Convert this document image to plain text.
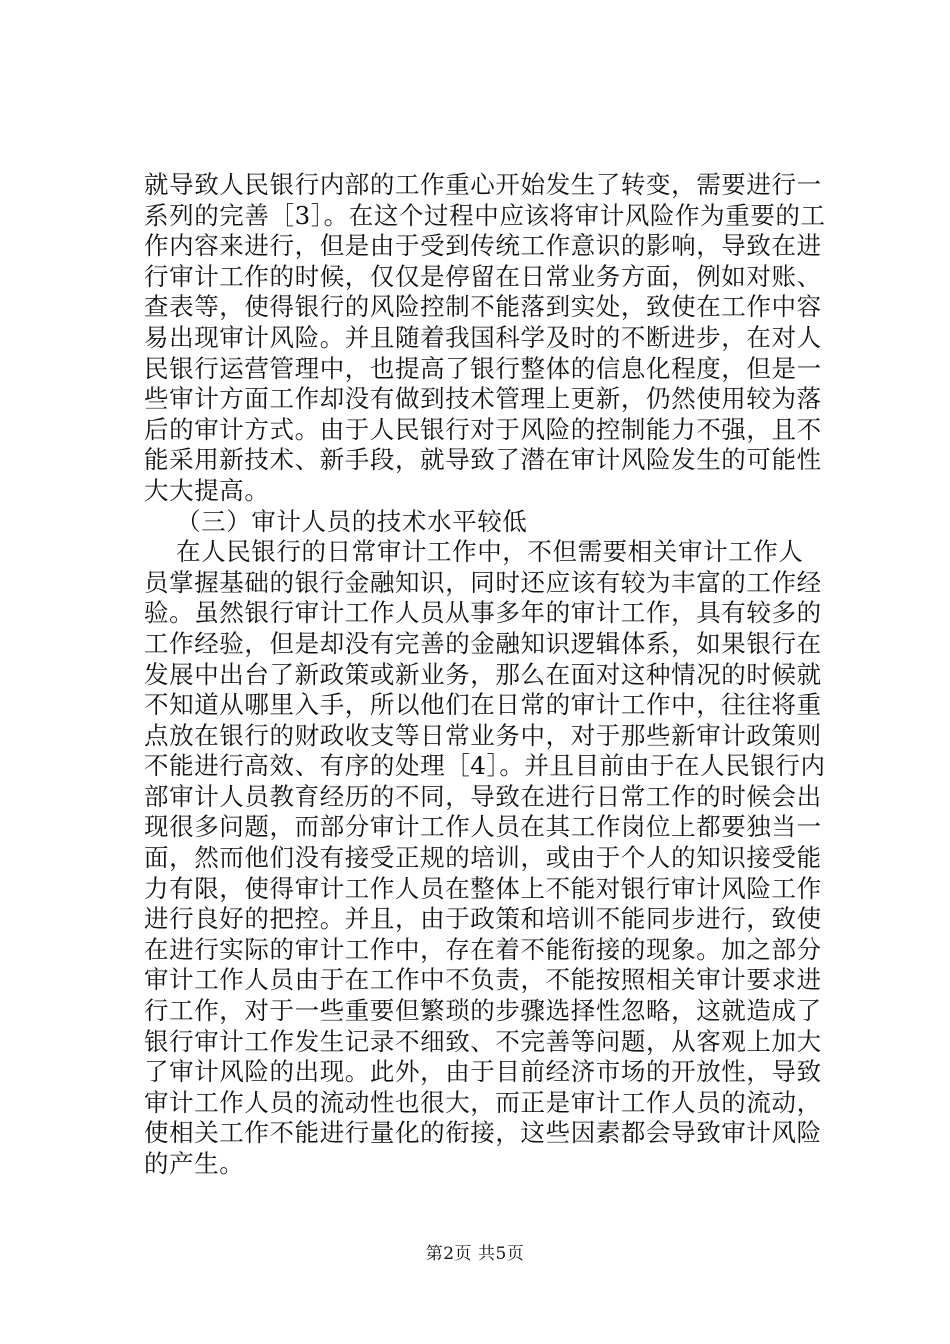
就导致人民银行内部的工作重心开始发生了转变，需要进行一
系列的完善［3］。在这个过程中应该将审计风险作为重要的工
作内容来进行，但是由于受到传统工作意识的影响，导致在进
行审计工作的时候，仅仅是停留在日常业务方面，例如对账、
查表等，使得银行的风险控制不能落到实处，致使在工作中容
易出现审计风险。并且随着我国科学及时的不断进步，在对人
民银行运营管理中，也提高了银行整体的信息化程度，但是一
些审计方面工作却没有做到技术管理上更新，仍然使用较为落
后的审计方式。由于人民银行对于风险的控制能力不强，且不
能采用新技术、新手段，就导致了潜在审计风险发生的可能性
大大提高。
（三）审计人员的技术水平较低
在人民银行的日常审计工作中，不但需要相关审计工作人
员掌握基础的银行金融知识，同时还应该有较为丰富的工作经
验。虽然银行审计工作人员从事多年的审计工作，具有较多的
工作经验，但是却没有完善的金融知识逻辑体系，如果银行在
发展中出台了新政策或新业务，那么在面对这种情况的时候就
不知道从哪里入手，所以他们在日常的审计工作中，往往将重
点放在银行的财政收支等日常业务中，对于那些新审计政策则
不能进行高效、有序的处理［4］。并且目前由于在人民银行内
部审计人员教育经历的不同，导致在进行日常工作的时候会出
现很多问题，而部分审计工作人员在其工作岗位上都要独当一
面，然而他们没有接受正规的培训，或由于个人的知识接受能
力有限，使得审计工作人员在整体上不能对银行审计风险工作
进行良好的把控。并且，由于政策和培训不能同步进行，致使
在进行实际的审计工作中，存在着不能衔接的现象。加之部分
审计工作人员由于在工作中不负责，不能按照相关审计要求进
行工作，对于一些重要但繁琐的步骤选择性忽略，这就造成了
银行审计工作发生记录不细致、不完善等问题，从客观上加大
了审计风险的出现。此外，由于目前经济市场的开放性，导致
审计工作人员的流动性也很大，而正是审计工作人员的流动，
使相关工作不能进行量化的衔接，这些因素都会导致审计风险
的产生。
第2页 共5页
